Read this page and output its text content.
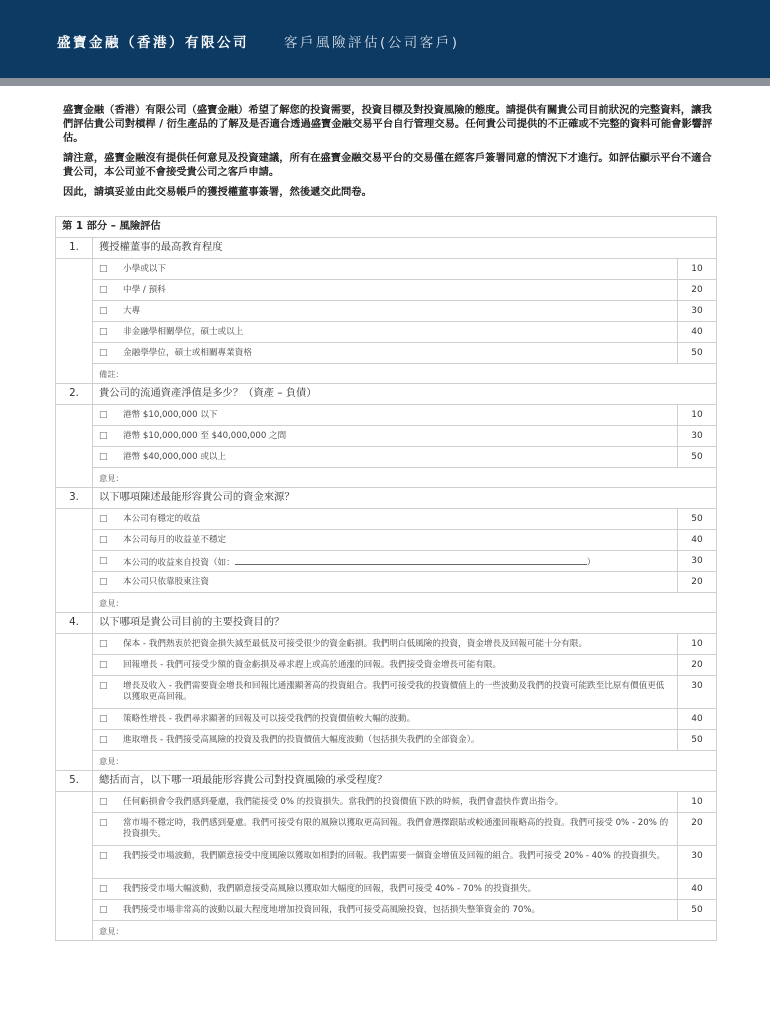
盛寶金融（香港）有限公司	客戶風險評估(公司客戶)

盛寶金融（香港）有限公司（盛寶金融）希望了解您的投資需要，投資目標及對投資風險的態度。請提供有關貴公司目前狀況的完整資料，讓我們評估貴公司對槓桿 / 衍生產品的了解及是否適合透過盛寶金融交易平台自行管理交易。任何貴公司提供的不正確或不完整的資料可能會影響評估。

請注意，盛寶金融沒有提供任何意見及投資建議，所有在盛寶金融交易平台的交易僅在經客戶簽署同意的情況下才進行。如評估顯示平台不適合貴公司，本公司並不會接受貴公司之客戶申請。

因此，請填妥並由此交易帳戶的獲授權董事簽署，然後遞交此問卷。

第 1 部分 – 風險評估		
1.	獲授權董事的最高教育程度	
	□ 小學或以下	10
	□ 中學 / 預科	20
	□ 大專	30
	□ 非金融學相關學位，碩士或以上	40
	□ 金融學學位，碩士或相關專業資格	50
	備註：	
2.	貴公司的流通資產淨值是多少？（資產 – 負債）	
	□ 港幣 $10,000,000 以下	10
	□ 港幣 $10,000,000 至 $40,000,000 之間	30
	□ 港幣 $40,000,000 或以上	50
	意見：	
3.	以下哪項陳述最能形容貴公司的資金來源？	
	□ 本公司有穩定的收益	50
	□ 本公司每月的收益並不穩定	40
	□ 本公司的收益來自投資（如： ）	30
	□ 本公司只依靠股東注資	20
	意見：	
4.	以下哪項是貴公司目前的主要投資目的？	
	□ 保本 - 我們熱衷於把資金損失減至最低及可接受很少的資金虧損。我們明白低風險的投資，資金增長及回報可能十分有限。	10
	□ 回報增長 - 我們可接受少額的資金虧損及尋求趕上或高於通漲的回報。我們接受資金增長可能有限。	20
	□ 增長及收入 - 我們需要資金增長和回報比通漲顯著高的投資組合。我們可接受我的投資價值上的一些波動及我們的投資可能跌至比原有價值更低以獲取更高回報。	30
	□ 策略性增長 - 我們尋求顯著的回報及可以接受我們的投資價值較大幅的波動。	40
	□ 進取增長 - 我們接受高風險的投資及我們的投資價值大幅度波動（包括損失我們的全部資金）。	50
	意見：	
5.	總括而言，以下哪一項最能形容貴公司對投資風險的承受程度？	
	□ 任何虧損會令我們感到憂慮，我們能接受 0% 的投資損失。當我們的投資價值下跌的時候，我們會盡快作賣出指令。	10
	□ 當市場不穩定時，我們感到憂慮。我們可接受有限的風險以獲取更高回報。我們會選擇跟貼或較通漲回報略高的投資。我們可接受 0% - 20% 的投資損失。	20
	□ 我們接受市場波動，我們願意接受中度風險以獲取如相對的回報。我們需要一個資金增值及回報的組合。我們可接受 20% - 40% 的投資損失。	30
	□ 我們接受市場大幅波動，我們願意接受高風險以獲取如大幅度的回報，我們可接受 40% - 70% 的投資損失。	40
	□ 我們接受市場非常高的波動以最大程度地增加投資回報，我們可接受高風險投資，包括損失整筆資金的 70%。	50
	意見：	
